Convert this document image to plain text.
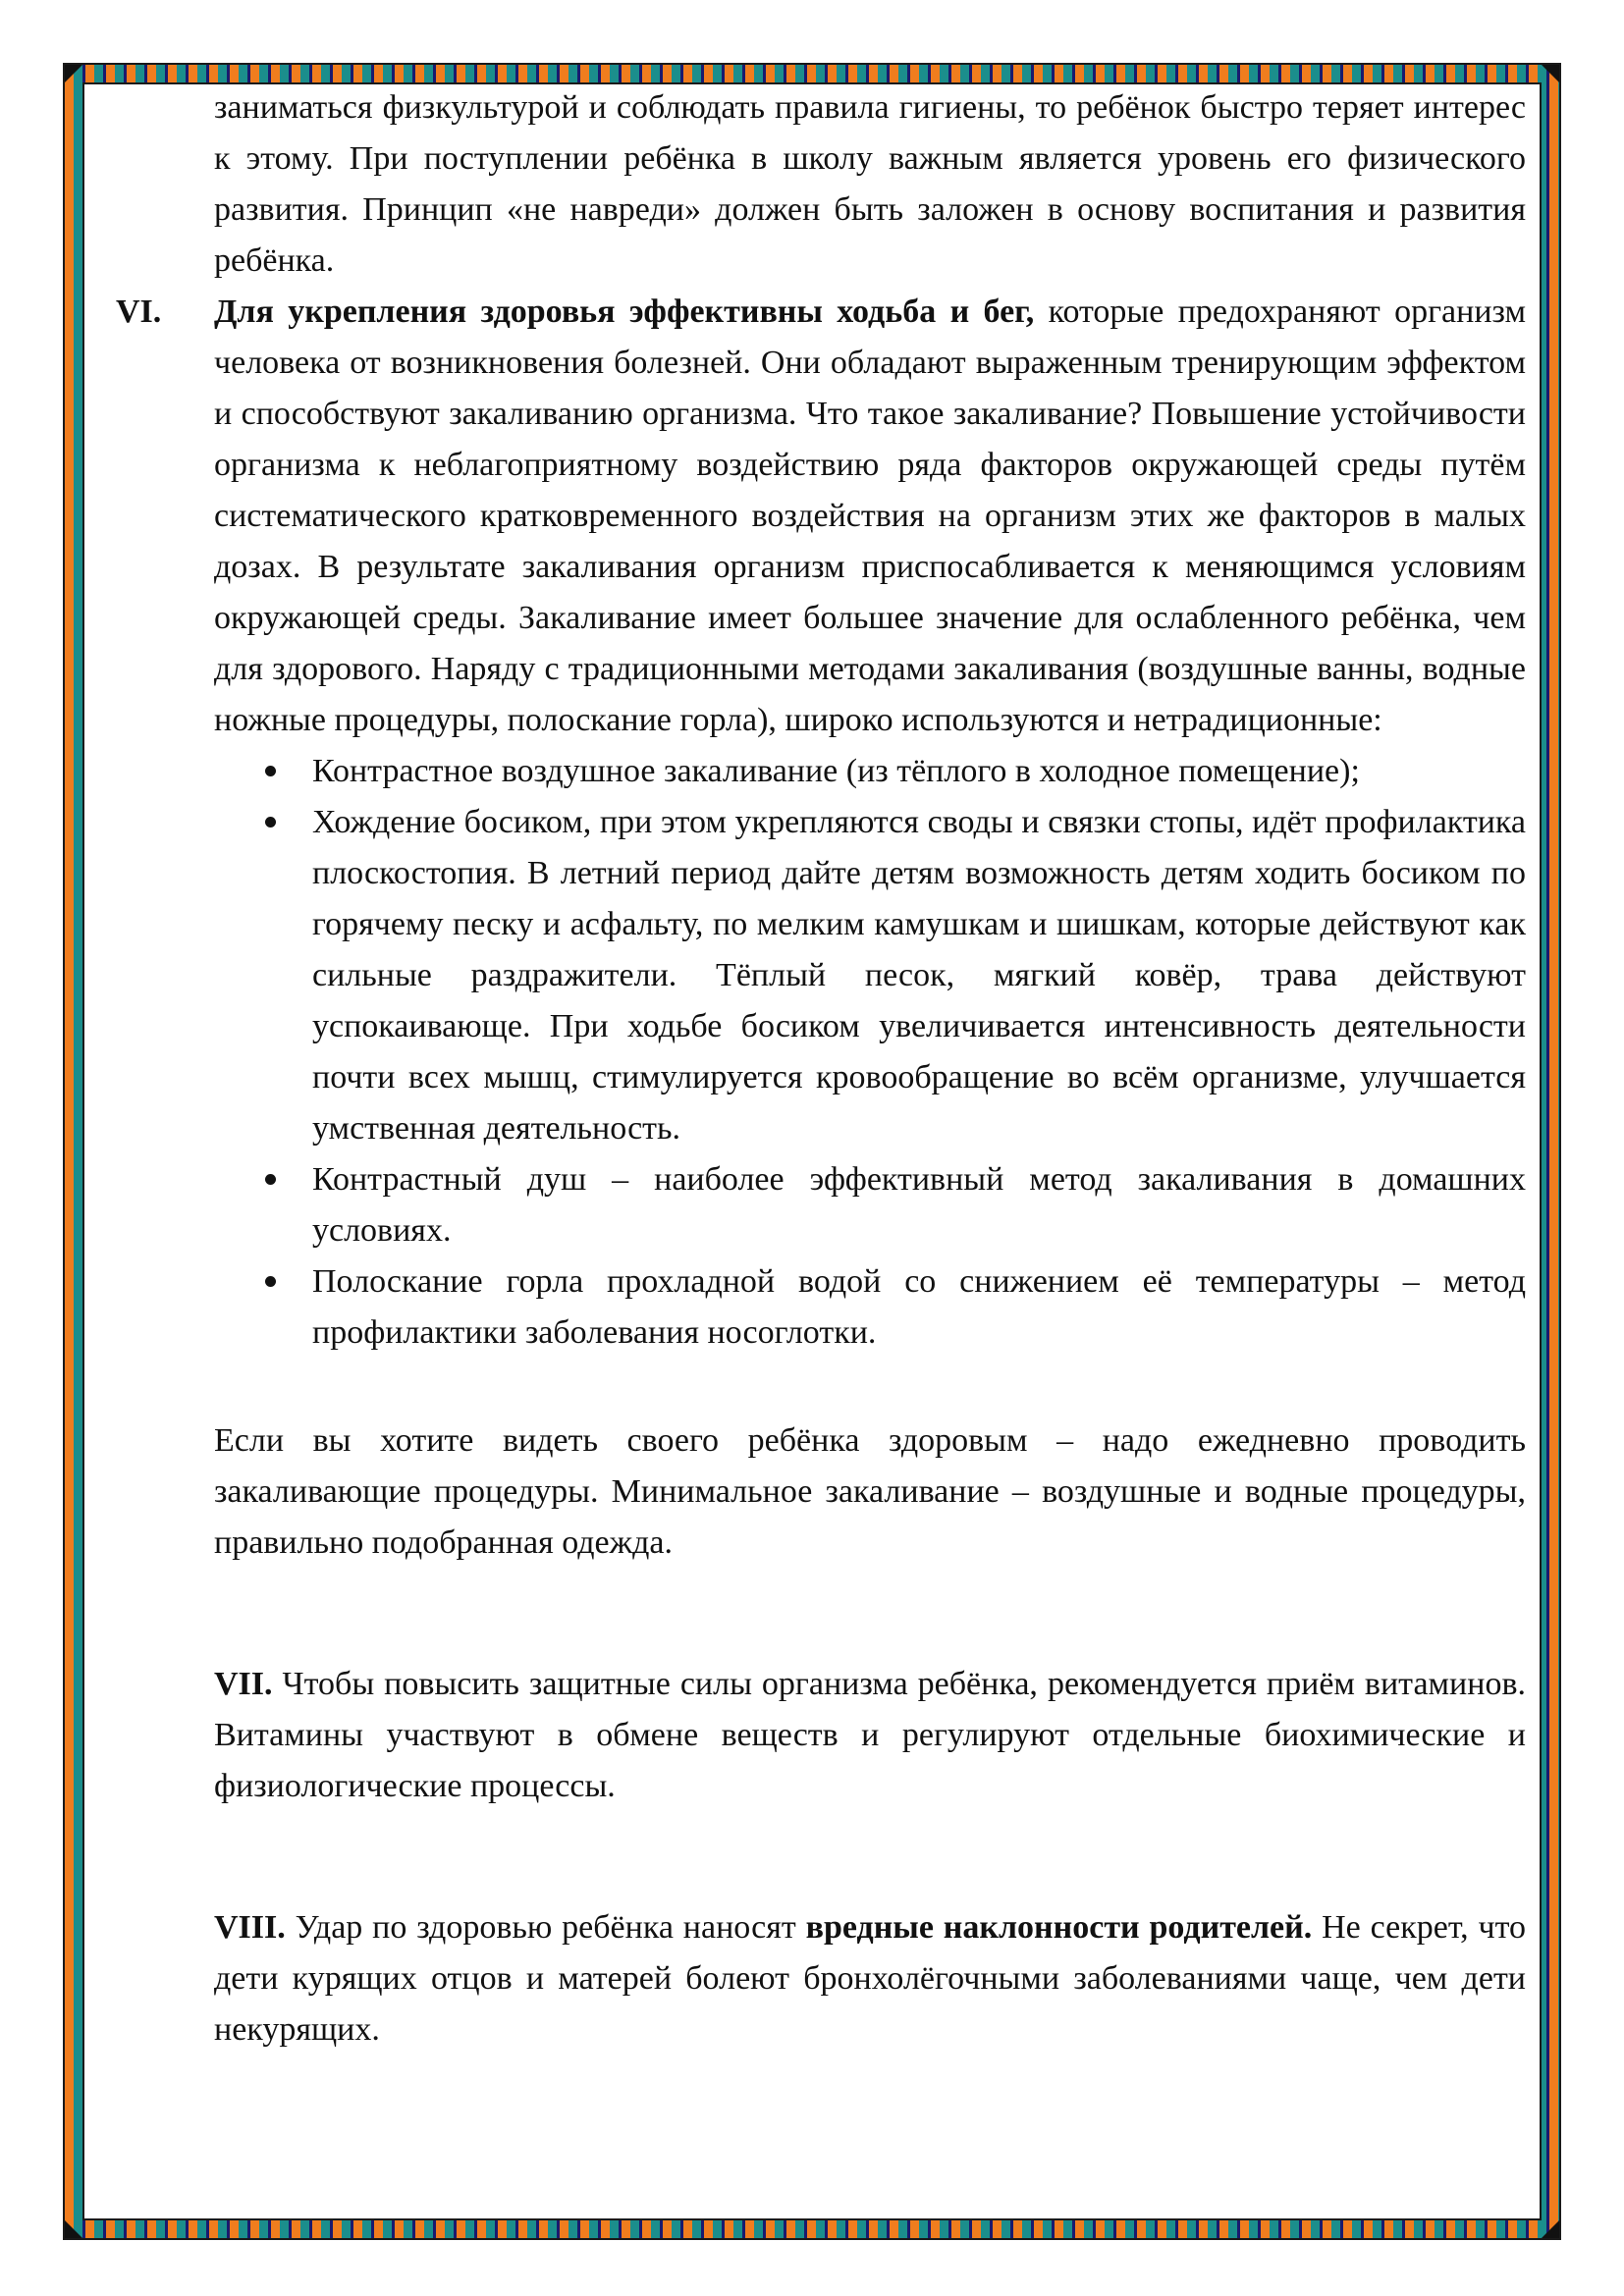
заниматься физкультурой и соблюдать правила гигиены, то ребёнок быстро теряет интерес к этому. При поступлении ребёнка в школу важным является уровень его физического развития. Принцип «не навреди» должен быть заложен в основу воспитания и развития ребёнка.

VI. Для укрепления здоровья эффективны ходьба и бег, которые предохраняют организм человека от возникновения болезней. Они обладают выраженным тренирующим эффектом и способствуют закаливанию организма. Что такое закаливание? Повышение устойчивости организма к неблагоприятному воздействию ряда факторов окружающей среды путём систематического кратковременного воздействия на организм этих же факторов в малых дозах. В результате закаливания организм приспосабливается к меняющимся условиям окружающей среды. Закаливание имеет большее значение для ослабленного ребёнка, чем для здорового. Наряду с традиционными методами закаливания (воздушные ванны, водные ножные процедуры, полоскание горла), широко используются и нетрадиционные:

Контрастное воздушное закаливание (из тёплого в холодное помещение);
Хождение босиком, при этом укрепляются своды и связки стопы, идёт профилактика плоскостопия. В летний период дайте детям возможность детям ходить босиком по горячему песку и асфальту, по мелким камушкам и шишкам, которые действуют как сильные раздражители. Тёплый песок, мягкий ковёр, трава действуют успокаивающе. При ходьбе босиком увеличивается интенсивность деятельности почти всех мышц, стимулируется кровообращение во всём организме, улучшается умственная деятельность.
Контрастный душ – наиболее эффективный метод закаливания в домашних условиях.
Полоскание горла прохладной водой со снижением её температуры – метод профилактики заболевания носоглотки.

Если вы хотите видеть своего ребёнка здоровым – надо ежедневно проводить закаливающие процедуры. Минимальное закаливание – воздушные и водные процедуры, правильно подобранная одежда.

VII. Чтобы повысить защитные силы организма ребёнка, рекомендуется приём витаминов. Витамины участвуют в обмене веществ и регулируют отдельные биохимические и физиологические процессы.

VIII. Удар по здоровью ребёнка наносят вредные наклонности родителей. Не секрет, что дети курящих отцов и матерей болеют бронхолёгочными заболеваниями чаще, чем дети некурящих.
